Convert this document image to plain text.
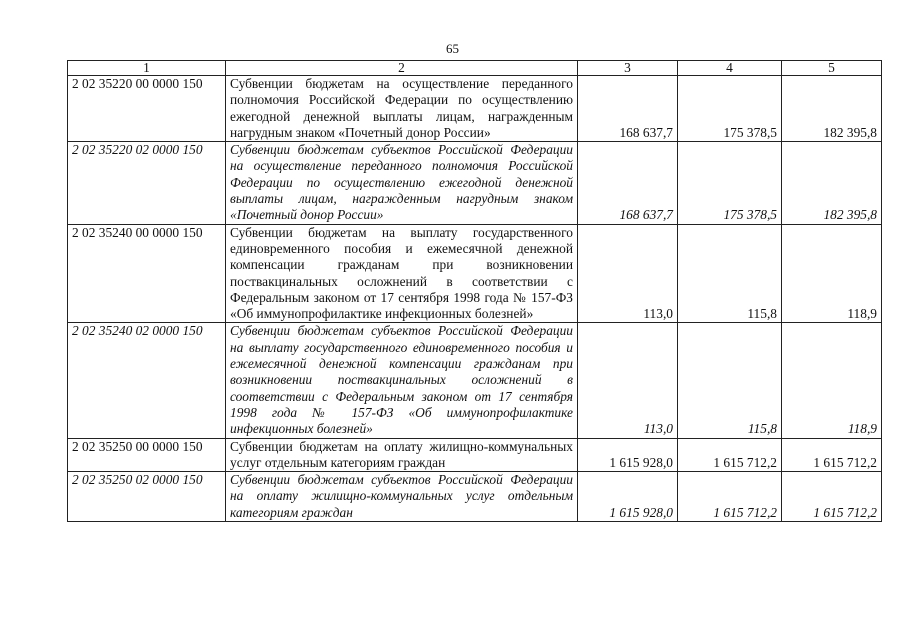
65
1	2	3	4	5
2 02 35220 00 0000 150	Субвенции бюджетам на осуществление переданного полномочия Российской Федерации по осуществлению ежегодной денежной выплаты лицам, награжденным нагрудным знаком «Почетный донор России»	168 637,7	175 378,5	182 395,8
2 02 35220 02 0000 150	Субвенции бюджетам субъектов Российской Федерации на осуществление переданного полномочия Российской Федерации по осуществлению ежегодной денежной выплаты лицам, награжденным нагрудным знаком «Почетный донор России»	168 637,7	175 378,5	182 395,8
2 02 35240 00 0000 150	Субвенции бюджетам на выплату государственного единовременного пособия и ежемесячной денежной компенсации гражданам при возникновении поствакцинальных осложнений в соответствии с Федеральным законом от 17 сентября 1998 года № 157-ФЗ «Об иммунопрофилактике инфекционных болезней»	113,0	115,8	118,9
2 02 35240 02 0000 150	Субвенции бюджетам субъектов Российской Федерации на выплату государственного единовременного пособия и ежемесячной денежной компенсации гражданам при возникновении поствакцинальных осложнений в соответствии с Федеральным законом от 17 сентября 1998 года № 157-ФЗ «Об иммунопрофилактике инфекционных болезней»	113,0	115,8	118,9
2 02 35250 00 0000 150	Субвенции бюджетам на оплату жилищно-коммунальных услуг отдельным категориям граждан	1 615 928,0	1 615 712,2	1 615 712,2
2 02 35250 02 0000 150	Субвенции бюджетам субъектов Российской Федерации на оплату жилищно-коммунальных услуг отдельным категориям граждан	1 615 928,0	1 615 712,2	1 615 712,2
